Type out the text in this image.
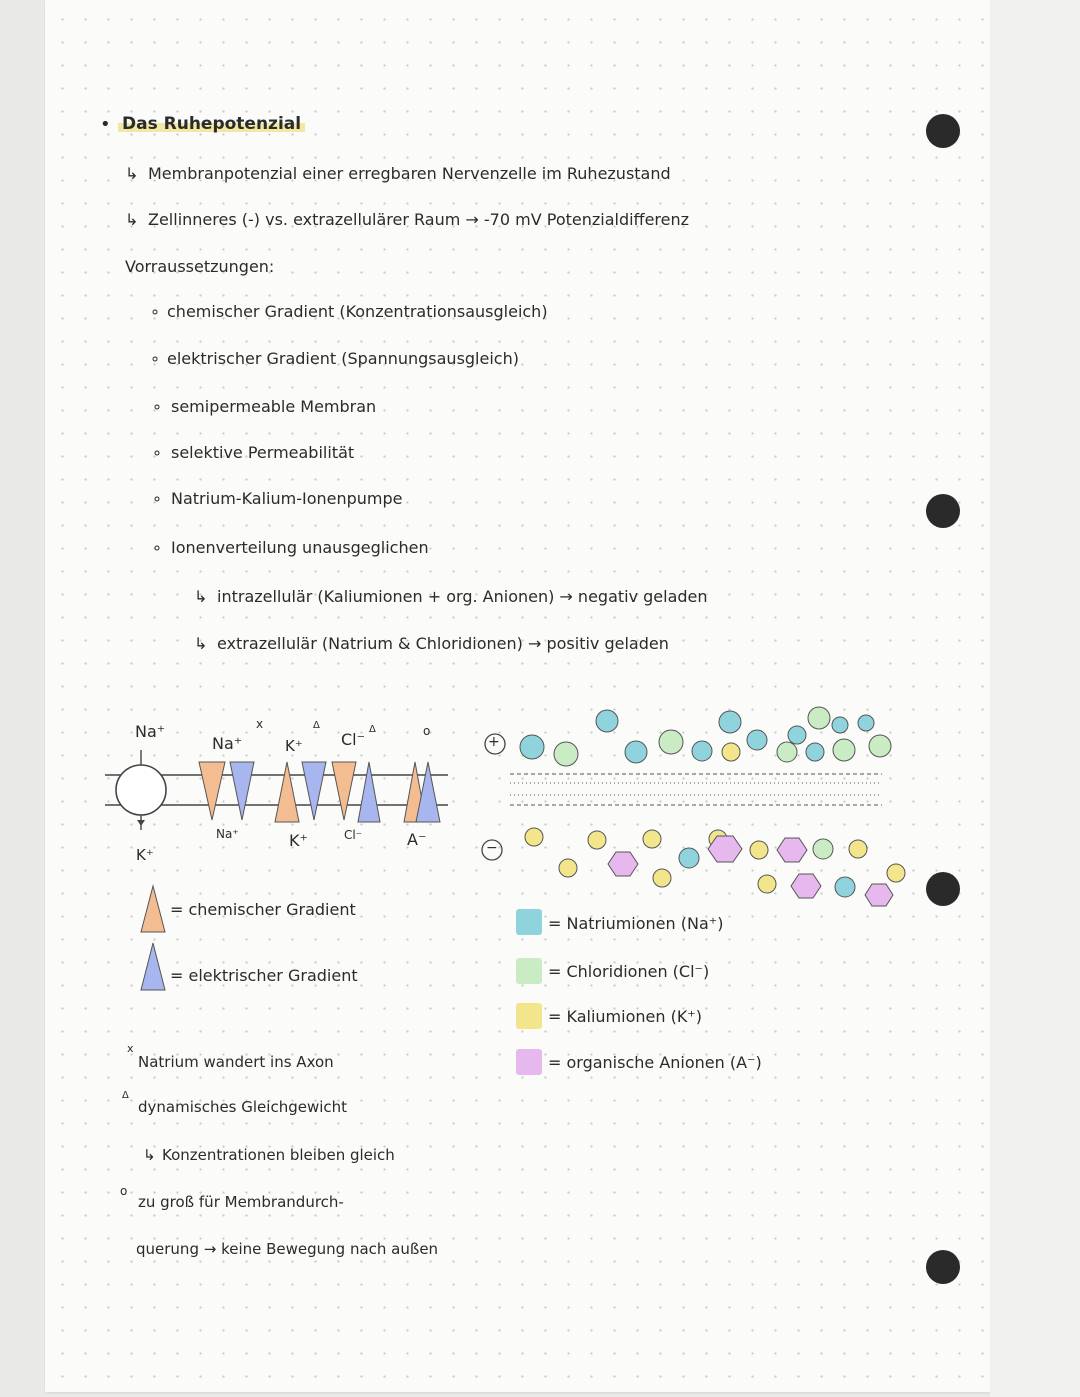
• Das Ruhepotenzial
↳ Membranpotenzial einer erregbaren Nervenzelle im Ruhezustand
↳ Zellinneres (-) vs. extrazellulärer Raum → -70 mV Potenzialdifferenz
Vorraussetzungen:
∘ chemischer Gradient (Konzentrationsausgleich)
∘ elektrischer Gradient (Spannungsausgleich)
∘ semipermeable Membran
∘ selektive Permeabilität
∘ Natrium-Kalium-Ionenpumpe
∘ Ionenverteilung unausgeglichen
↳ intrazellulär (Kaliumionen + org. Anionen) → negativ geladen
↳ extrazellulär (Natrium & Chloridionen) → positiv geladen
Na⁺
K⁺
Na⁺	K⁺ Cl⁻
x	Δ	Δ	o
Na⁺	K⁺	Cl⁻	A⁻
= chemischer Gradient
= elektrischer Gradient
+
−
= Natriumionen (Na⁺)
= Chloridionen (Cl⁻)
= Kaliumionen (K⁺)
= organische Anionen (A⁻)
x
Natrium wandert ins Axon
Δ
dynamisches Gleichgewicht
↳ Konzentrationen bleiben gleich
o
zu groß für Membrandurch-
querung → keine Bewegung nach außen
